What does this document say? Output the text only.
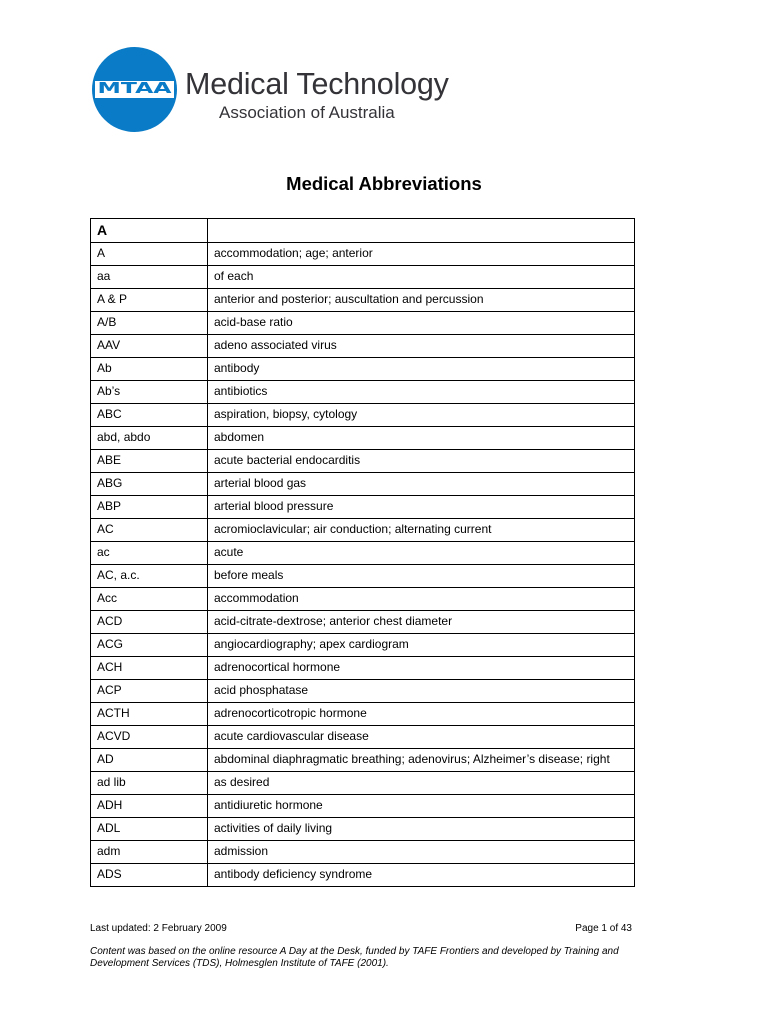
MTAA Medical Technology
Association of Australia
Medical Abbreviations
A	
A	accommodation; age; anterior
aa	of each
A & P	anterior and posterior; auscultation and percussion
A/B	acid-base ratio
AAV	adeno associated virus
Ab	antibody
Ab’s	antibiotics
ABC	aspiration, biopsy, cytology
abd, abdo	abdomen
ABE	acute bacterial endocarditis
ABG	arterial blood gas
ABP	arterial blood pressure
AC	acromioclavicular; air conduction; alternating current
ac	acute
AC, a.c.	before meals
Acc	accommodation
ACD	acid-citrate-dextrose; anterior chest diameter
ACG	angiocardiography; apex cardiogram
ACH	adrenocortical hormone
ACP	acid phosphatase
ACTH	adrenocorticotropic hormone
ACVD	acute cardiovascular disease
AD	abdominal diaphragmatic breathing; adenovirus; Alzheimer’s disease; right
ad lib	as desired
ADH	antidiuretic hormone
ADL	activities of daily living
adm	admission
ADS	antibody deficiency syndrome
Last updated: 2 February 2009	Page 1 of 43
Content was based on the online resource A Day at the Desk, funded by TAFE Frontiers and developed by Training and Development Services (TDS), Holmesglen Institute of TAFE (2001).
